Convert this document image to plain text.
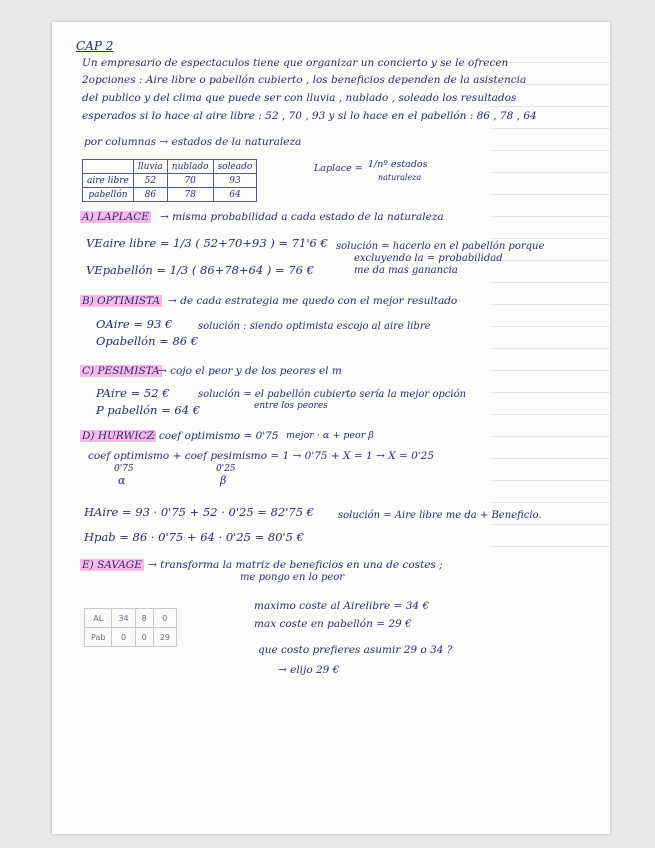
CAP 2
Un empresario de espectaculos tiene que organizar un concierto y se le ofrecen
2opciones : Aire libre o pabellón cubierto , los beneficios dependen de la asistencia
del publico y del clima que puede ser con lluvia , nublado , soleado los resultados
esperados si lo hace al aire libre : 52 , 70 , 93 y si lo hace en el pabellón : 86 , 78 , 64
por columnas → estados de la naturaleza
	lluvia	nublado	soleado
aire libre	52	70	93
pabellón	86	78	64
Laplace = 1/nº estados
naturaleza
A) LAPLACE → misma probabilidad a cada estado de la naturaleza
VEaire libre = 1/3 ( 52+70+93 ) = 71'6 €
VEpabellón = 1/3 ( 86+78+64 ) = 76 €
solución = hacerlo en el pabellón porque
excluyendo la = probabilidad
me da mas ganancia
B) OPTIMISTA → de cada estrategia me quedo con el mejor resultado
OAire = 93 €
Opabellón = 86 €
solución : siendo optimista escojo al aire libre
C) PESIMISTA
→ cojo el peor y de los peores el m
PAire = 52 €
P pabellón = 64 €
solución = el pabellón cubierto sería la mejor opción
entre los peores
D) HURWICZ
: coef optimismo = 0'75 mejor · α + peor β
coef optimismo + coef pesimismo = 1 → 0'75 + X = 1 → X = 0'25
0'75
α
0'25
β
HAire = 93 · 0'75 + 52 · 0'25 = 82'75 €
Hpab = 86 · 0'75 + 64 · 0'25 = 80'5 €
solución = Aire libre me da + Beneficio.
E) SAVAGE → transforma la matriz de beneficios en una de costes ;
me pongo en lo peor
AL	34	8	0
Pab	0	0	29
maximo coste al Airelibre = 34 €
max coste en pabellón = 29 €
que costo prefieres asumir 29 o 34 ?
→ elijo 29 €
